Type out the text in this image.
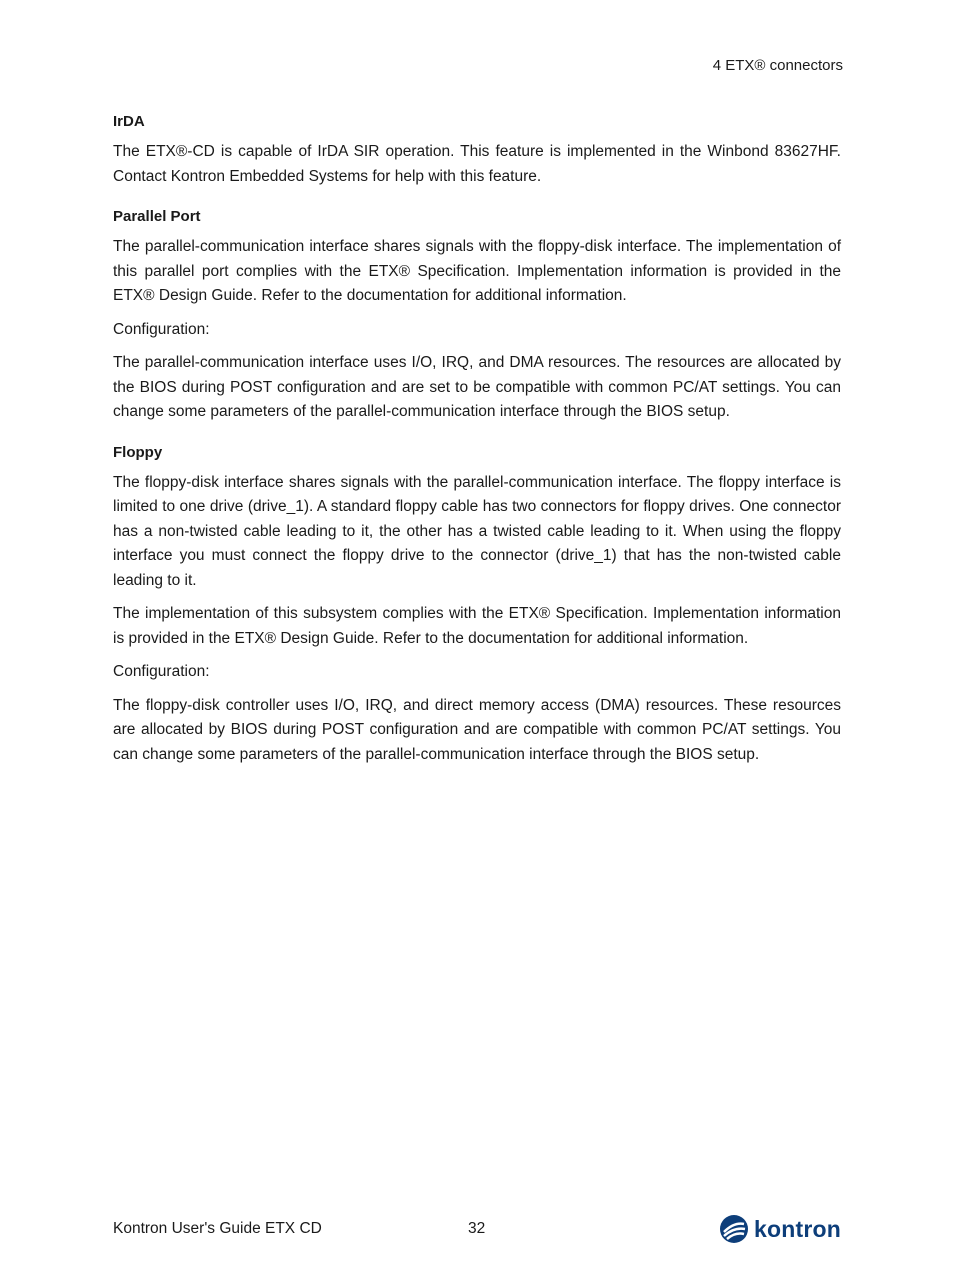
4 ETX® connectors
IrDA

The ETX®-CD is capable of IrDA SIR operation. This feature is implemented in the Winbond 83627HF. Contact Kontron Embedded Systems for help with this feature.

Parallel Port

The parallel-communication interface shares signals with the floppy-disk interface. The implementation of this parallel port complies with the ETX® Specification. Implementation information is provided in the ETX® Design Guide. Refer to the documentation for additional information.

Configuration:

The parallel-communication interface uses I/O, IRQ, and DMA resources. The resources are allocated by the BIOS during POST configuration and are set to be compatible with common PC/AT settings. You can change some parameters of the parallel-communication interface through the BIOS setup.

Floppy

The floppy-disk interface shares signals with the parallel-communication interface. The floppy interface is limited to one drive (drive_1). A standard floppy cable has two connectors for floppy drives. One connector has a non-twisted cable leading to it, the other has a twisted cable leading to it. When using the floppy interface you must connect the floppy drive to the connector (drive_1) that has the non-twisted cable leading to it.

The implementation of this subsystem complies with the ETX® Specification. Implementation information is provided in the ETX® Design Guide. Refer to the documentation for additional information.

Configuration:

The floppy-disk controller uses I/O, IRQ, and direct memory access (DMA) resources. These resources are allocated by BIOS during POST configuration and are compatible with common PC/AT settings. You can change some parameters of the parallel-communication interface through the BIOS setup.

Kontron User's Guide ETX CD	32	kontron
